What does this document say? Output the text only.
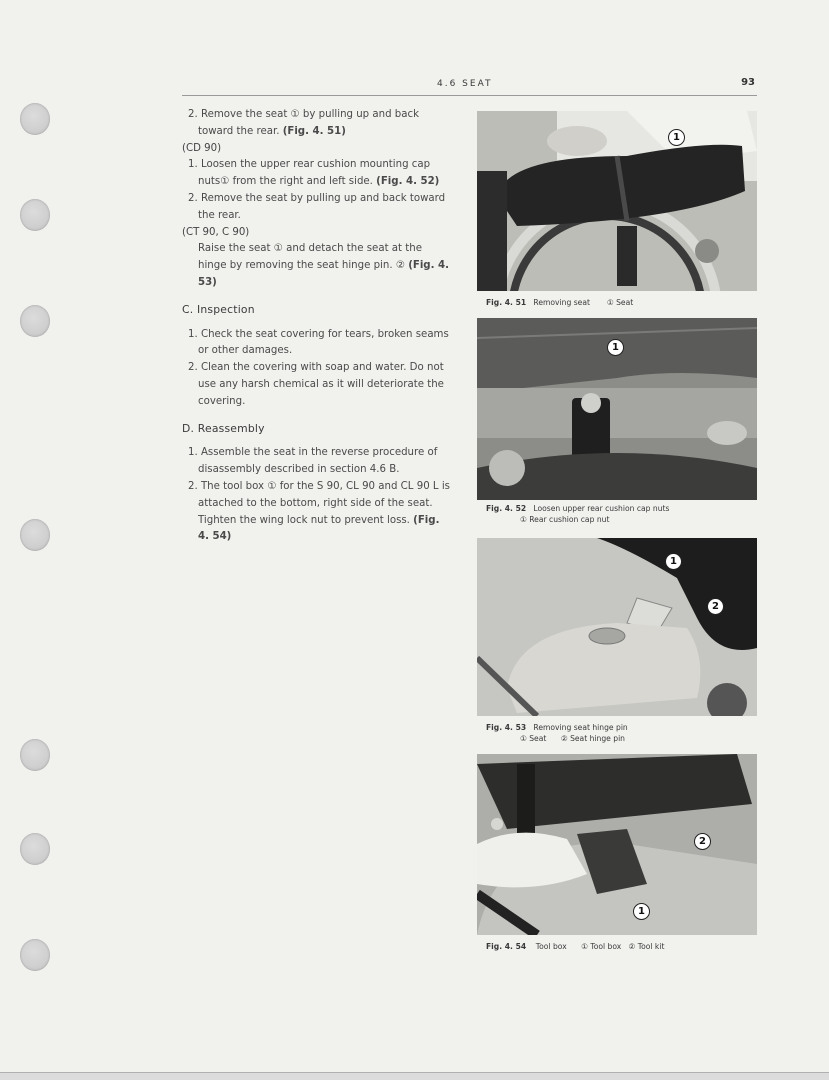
4.6 SEAT	93

2. Remove the seat ① by pulling up and back toward the rear. (Fig. 4. 51)

(CD 90)

1. Loosen the upper rear cushion mounting cap nuts① from the right and left side. (Fig. 4. 52)

2. Remove the seat by pulling up and back toward the rear.

(CT 90, C 90)

Raise the seat ① and detach the seat at the hinge by removing the seat hinge pin. ② (Fig. 4. 53)

C. Inspection

1. Check the seat covering for tears, broken seams or other damages.

2. Clean the covering with soap and water. Do not use any harsh chemical as it will deteriorate the covering.

D. Reassembly

1. Assemble the seat in the reverse procedure of disassembly described in section 4.6 B.

2. The tool box ① for the S 90, CL 90 and CL 90 L is attached to the bottom, right side of the seat. Tighten the wing lock nut to prevent loss. (Fig. 4. 54)

1
Fig. 4. 51 Removing seat ① Seat
1
Fig. 4. 52 Loosen upper rear cushion cap nuts
① Rear cushion cap nut
1
2
Fig. 4. 53 Removing seat hinge pin
① Seat ② Seat hinge pin
2
1
Fig. 4. 54 Tool box ① Tool box ② Tool kit
